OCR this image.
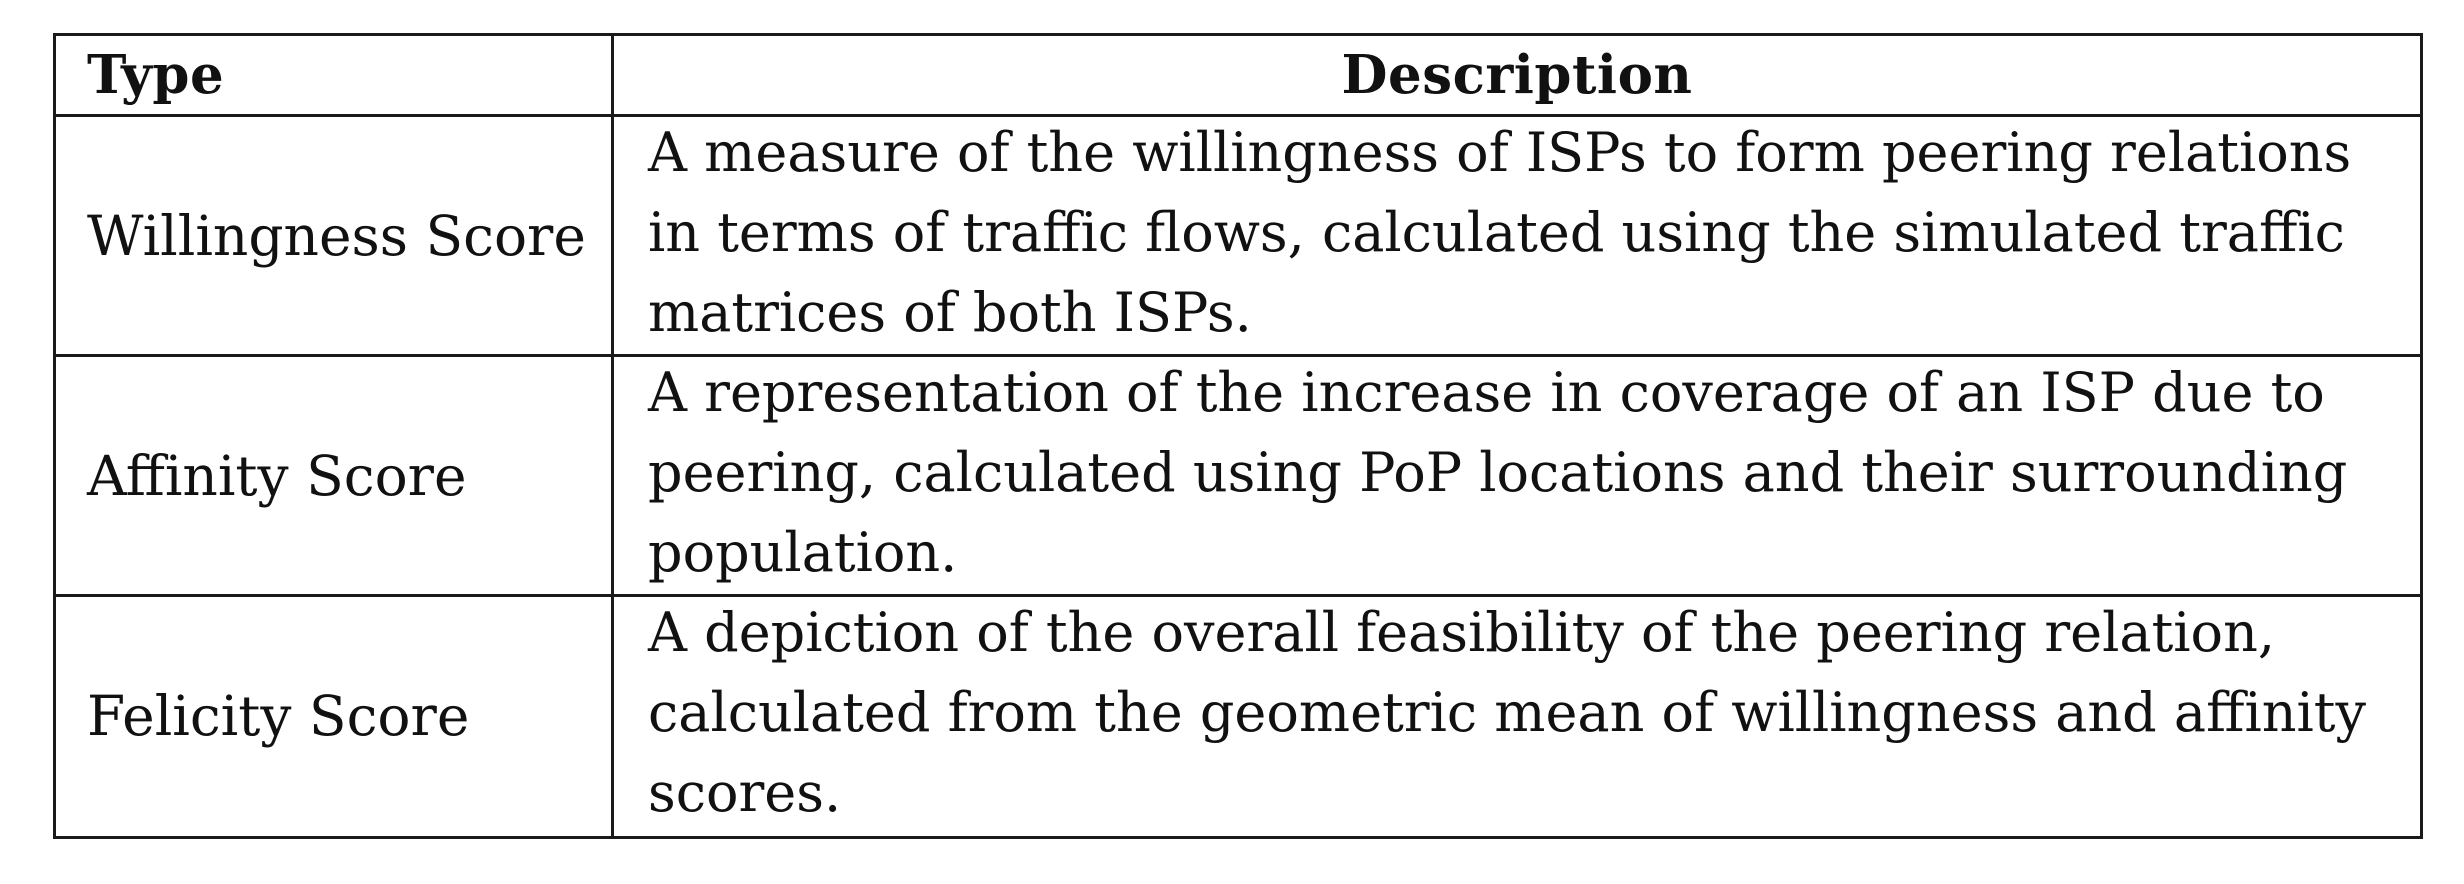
Type	Description
Willingness Score
A measure of the willingness of ISPs to form peering relations
in terms of traffic flows, calculated using the simulated traffic
matrices of both ISPs.
Affinity Score
A representation of the increase in coverage of an ISP due to
peering, calculated using PoP locations and their surrounding
population.
Felicity Score
A depiction of the overall feasibility of the peering relation,
calculated from the geometric mean of willingness and affinity
scores.
